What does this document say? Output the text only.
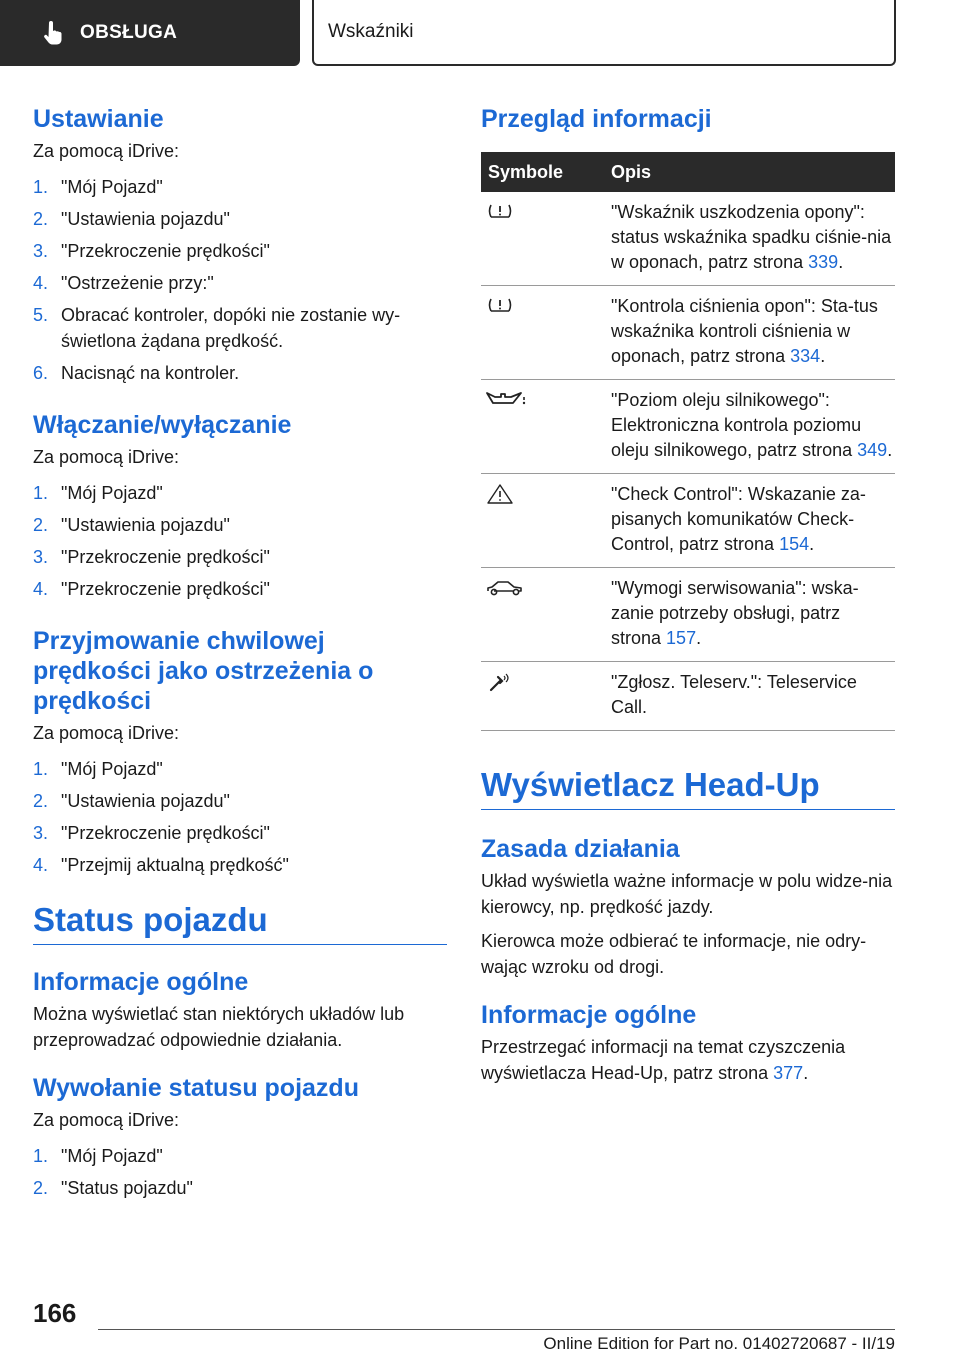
OBSŁUGA	Wskaźniki
Ustawianie

Za pomocą iDrive:

1. "Mój Pojazd"
2. "Ustawienia pojazdu"
3. "Przekroczenie prędkości"
4. "Ostrzeżenie przy:"
5. Obracać kontroler, dopóki nie zostanie wy‐świetlona żądana prędkość.
6. Nacisnąć na kontroler.
Włączanie/wyłączanie

Za pomocą iDrive:

1. "Mój Pojazd"
2. "Ustawienia pojazdu"
3. "Przekroczenie prędkości"
4. "Przekroczenie prędkości"
Przyjmowanie chwilowej prędkości jako ostrzeżenia o prędkości

Za pomocą iDrive:

1. "Mój Pojazd"
2. "Ustawienia pojazdu"
3. "Przekroczenie prędkości"
4. "Przejmij aktualną prędkość"
Status pojazdu
Informacje ogólne

Można wyświetlać stan niektórych układów lub przeprowadzać odpowiednie działania.

Wywołanie statusu pojazdu

Za pomocą iDrive:

1. "Mój Pojazd"
2. "Status pojazdu"
Przegląd informacji
Symbole	Opis

	"Wskaźnik uszkodzenia opony": status wskaźnika spadku ciśnie‐nia w oponach, patrz strona 339.

	"Kontrola ciśnienia opon": Sta‐tus wskaźnika kontroli ciśnienia w oponach, patrz strona 334.

	"Poziom oleju silnikowego": Elektroniczna kontrola poziomu oleju silnikowego, patrz strona 349.

	"Check Control": Wskazanie za‐pisanych komunikatów Check-Control, patrz strona 154.

	"Wymogi serwisowania": wska‐zanie potrzeby obsługi, patrz strona 157.

	"Zgłosz. Teleserv.": Teleservice Call.
Wyświetlacz Head-Up
Zasada działania

Układ wyświetla ważne informacje w polu widze‐nia kierowcy, np. prędkość jazdy.

Kierowca może odbierać te informacje, nie odry‐wając wzroku od drogi.

Informacje ogólne

Przestrzegać informacji na temat czyszczenia wyświetlacza Head-Up, patrz strona 377.

166
Online Edition for Part no. 01402720687 - II/19
